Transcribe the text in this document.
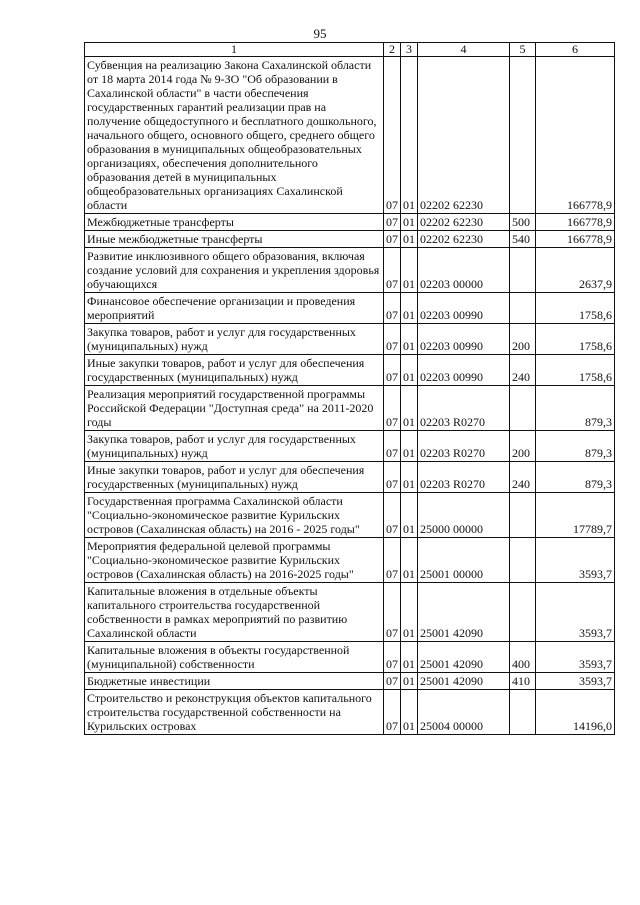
95
1	2	3	4	5	6
Субвенция на реализацию Закона Сахалинской области от 18 марта 2014 года № 9-ЗО "Об образовании в Сахалинской области" в части обеспечения государственных гарантий реализации прав на получение общедоступного и бесплатного дошкольного, начального общего, основного общего, среднего общего образования в муниципальных общеобразовательных организациях, обеспечения дополнительного образования детей в муниципальных общеобразовательных организациях Сахалинской области	07	01	02202 62230		166778,9
Межбюджетные трансферты	07	01	02202 62230	500	166778,9
Иные межбюджетные трансферты	07	01	02202 62230	540	166778,9
Развитие инклюзивного общего образования, включая создание условий для сохранения и укрепления здоровья обучающихся	07	01	02203 00000		2637,9
Финансовое обеспечение организации и проведения мероприятий	07	01	02203 00990		1758,6
Закупка товаров, работ и услуг для государственных (муниципальных) нужд	07	01	02203 00990	200	1758,6
Иные закупки товаров, работ и услуг для обеспечения государственных (муниципальных) нужд	07	01	02203 00990	240	1758,6
Реализация мероприятий государственной программы Российской Федерации "Доступная среда" на 2011-2020 годы	07	01	02203 R0270		879,3
Закупка товаров, работ и услуг для государственных (муниципальных) нужд	07	01	02203 R0270	200	879,3
Иные закупки товаров, работ и услуг для обеспечения государственных (муниципальных) нужд	07	01	02203 R0270	240	879,3
Государственная программа Сахалинской области "Социально-экономическое развитие Курильских островов (Сахалинская область) на 2016 - 2025 годы"	07	01	25000 00000		17789,7
Мероприятия федеральной целевой программы "Социально-экономическое развитие Курильских островов (Сахалинская область) на 2016-2025 годы"	07	01	25001 00000		3593,7
Капитальные вложения в отдельные объекты капитального строительства государственной собственности в рамках мероприятий по развитию Сахалинской области	07	01	25001 42090		3593,7
Капитальные вложения в объекты государственной (муниципальной) собственности	07	01	25001 42090	400	3593,7
Бюджетные инвестиции	07	01	25001 42090	410	3593,7
Строительство и реконструкция объектов капитального строительства государственной собственности на Курильских островах	07	01	25004 00000		14196,0
